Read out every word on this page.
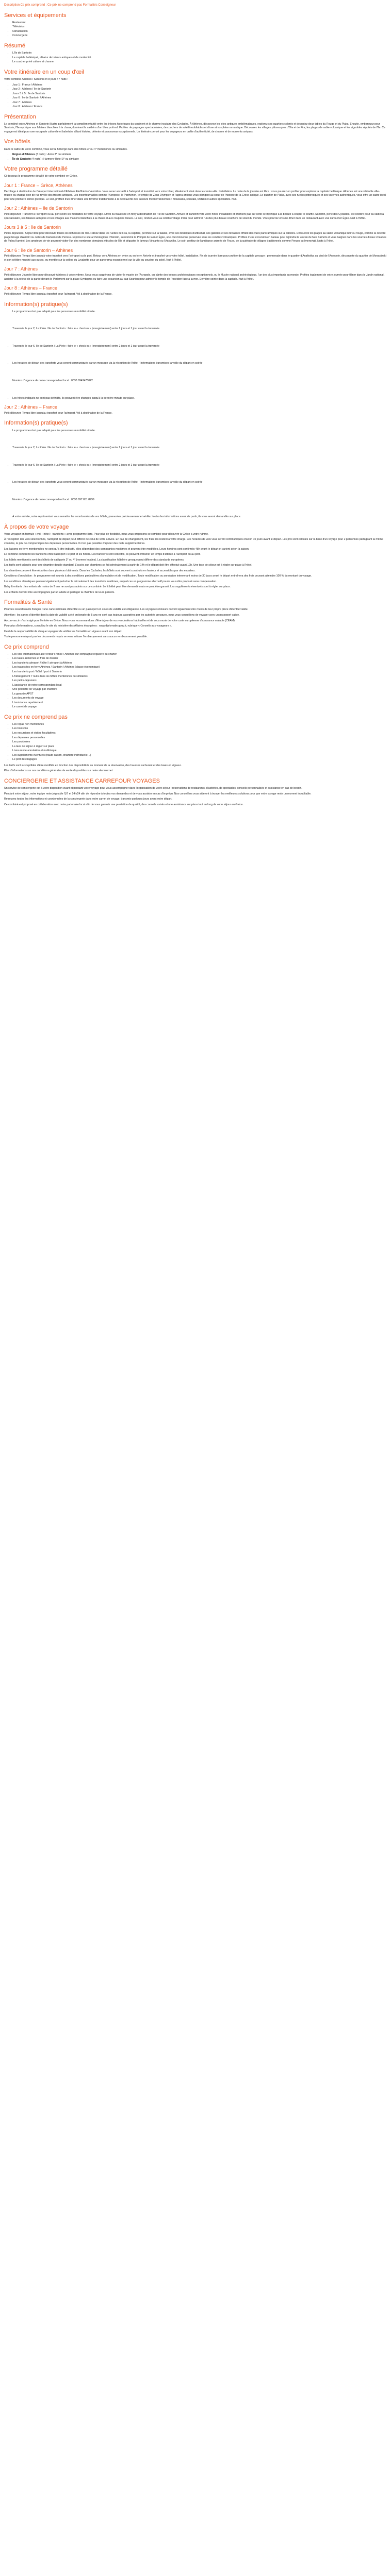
Description Ce prix comprend : Ce prix ne comprend pas Formalités Conseigneur

Services et équipements
• Restaurant
• Télévision
• Climatisation
• Conciergerie
Résumé
• L'île de Santorin
• Le capitale helléniqué, allivéur de trésors antiques et de modernité
• Le coucher privé culture et charme
Votre itinéraire en un coup d'œil

Votre combiné Athènes / Santorin en 8 jours / 7 nuits :

• Jour 1 : France / Athènes
• Jour 2 : Athènes / île de Santorin
• Jours 3 à 5 : île de Santorin
• Jour 6 : île de Santorin / Athènes
• Jour 7 : Athènes
• Jour 8 : Athènes / France
Présentation

Le combiné entre Athènes et Santorin illustre parfaitement la complémentarité entre les trésors historiques du continent et le charme insulaire des Cyclades. À Athènes, découvrez les sites antiques emblématiques, explorez ses quartiers colorés et dégustez deux tables du Rouge et du Plaka. Ensuite, embarquez pour Santorin, l'île mythique aux falaises blanchies à la chaux, dominant la caldeira d'un bleu profond. Profitez de paysages spectaculaires, de couchers de soleil inoubliables et d'une atmosphère romantique. Découvrez les villages pittoresques d'Oia et de Fira, les plages de sable volcanique et les vignobles réputés de l'île. Ce voyage est idéal pour une escapade culturelle et balnéaire alliant histoire, détente et panoramas exceptionnels. Un itinéraire pensé pour les voyageurs en quête d'authenticité, de charme et de moments uniques.

Vos hôtels

Dans le cadre de votre combiné, vous serez hébergé dans des hôtels 3* ou 4* mentionnés ou similaires.

• Région d'Athènes (3 nuits) : Arion 3* ou similaire
• Île de Santorin (4 nuits) : Harmony Hotel 3* ou similaire
Votre programme détaillé

Ci-dessous le programme détaillé de votre combiné en Grèce.

Jour 1 : France – Grèce, Athènes

Décollage à destination de l'aéroport international d'Athènes Elefthérios Venizélos. Vous serez accueilli à l'aéroport et transféré vers votre hôtel, idéalement situé dans le centre-ville. Installation. Le reste de la journée est libre : vous pourrez en profiter pour explorer la capitale hellénique. Athènes est une véritable ville-musée où chaque coin de rue révèle des trésors antiques. Les incontournables comme l'Acropole, le Parthénon, le temple de Zeus Olympien et l'agora antique vous plongent au cœur de l'histoire de la Grèce antique. Le quartier de Plaka, avec ses ruelles pittoresques et ses tavernes authentiques, vous offre un cadre idéal pour une première soirée grecque. Le soir, profitez d'un dîner dans une taverne traditionnelle à la découverte des saveurs méditerranéennes : moussaka, souvlaki, tzatziki et autres spécialités. Nuit.

Jour 2 : Athènes – île de Santorin

Petit-déjeuner. Transfert à l'aéroport ou au port selon les modalités de votre voyage. Envol ou traversée en ferry à destination de l'île de Santorin. Arrivée et transfert vers votre hôtel. Installation et premiers pas sur cette île mythique à la beauté à couper le souffle. Santorin, perle des Cyclades, est célèbre pour sa caldeira spectaculaire, ses falaises abruptes et ses villages aux maisons blanchies à la chaux et aux coupoles bleues. Le soir, rendez-vous au célèbre village d'Oia pour admirer l'un des plus beaux couchers de soleil du monde. Vous pourrez ensuite dîner dans un restaurant avec vue sur la mer Égée. Nuit à l'hôtel.

Jours 3 à 5 : île de Santorin

Petits-déjeuners. Séjour libre pour découvrir toutes les richesses de l'île. Flânez dans les ruelles de Fira, la capitale, perchée sur la falaise, avec ses boutiques d'artisanat, ses galeries et ses terrasses offrant des vues panoramiques sur la caldeira. Découvrez les plages au sable volcanique noir ou rouge, comme la célèbre plage Rouge d'Akrotiri ou celles de Kamari et de Perissa. Explorez le site archéologique d'Akrotiri, surnommé la Pompéi de la mer Égée, une cité minoenne préservée sous les cendres volcaniques. Profitez d'une excursion en bateau pour rejoindre le volcan de Néa Kaméni et vous baigner dans les sources d'eaux chaudes de Palea Kaméni. Les amateurs de vin pourront visiter l'un des nombreux domaines viticoles de l'île et déguster le fameux Vinsanto ou l'Assyrtiko. Le soir, profitez de l'ambiance animée de Fira ou de la quiétude de villages traditionnels comme Pyrgos ou Imerovigli. Nuits à l'hôtel.

Jour 6 : île de Santorin – Athènes

Petit-déjeuner. Temps libre jusqu'à votre transfert vers l'aéroport ou le port. Retour vers Athènes en avion ou en ferry. Arrivée et transfert vers votre hôtel. Installation. Fin de journée libre pour profiter de la capitale grecque : promenade dans le quartier d'Anafiotika au pied de l'Acropole, découverte du quartier de Monastiraki et son célèbre marché aux puces, ou montée sur la colline du Lycabette pour un panorama exceptionnel sur la ville au coucher du soleil. Nuit à l'hôtel.

Jour 7 : Athènes

Petit-déjeuner. Journée libre pour découvrir Athènes à votre rythme. Nous vous suggérons de visiter le musée de l'Acropole, qui abrite des trésors archéologiques exceptionnels, ou le Musée national archéologique, l'un des plus importants au monde. Profitez également de votre journée pour flâner dans le Jardin national, assister à la relève de la garde devant le Parlement sur la place Syntagma ou faire une excursion au cap Sounion pour admirer le temple de Poséidon face à la mer. Dernière soirée dans la capitale. Nuit à l'hôtel.

Jour 8 : Athènes – France

Petit-déjeuner. Temps libre jusqu'au transfert pour l'aéroport. Vol à destination de la France.

Information(s) pratique(s)
• Le programme n'est pas adapté pour les personnes à mobilité réduite.
• Traversée le jour 2, La Pirée / île de Santorin : faire le « check-in » (enregistrement) entre 2 jours et 1 jour avant la traversée
• Traversée le jour 6, île de Santorin / La Pirée : faire le « check-in » (enregistrement) entre 2 jours et 1 jour avant la traversée
• Les horaires de départ des transferts vous seront communiqués par un message via la réception de l'hôtel - Informations transmises la veille du départ en soirée
• Numéro d'urgence de notre correspondant local : 0030 6943470022
• Les hôtels indiqués ne sont pas définitifs, ils peuvent être changés jusqu'à la dernière minute sur place.
Jour 2 : Athènes – France

Petit-déjeuner. Temps libre jusqu'au transfert pour l'aéroport. Vol à destination de la France.

Information(s) pratique(s)
• Le programme n'est pas adapté pour les personnes à mobilité réduite.
• Traversée le jour 2, La Pirée / île de Santorin : faire le « check-in » (enregistrement) entre 2 jours et 1 jour avant la traversée
• Traversée le jour 6, île de Santorin / La Pirée : faire le « check-in » (enregistrement) entre 2 jours et 1 jour avant la traversée
• Les horaires de départ des transferts vous seront communiqués par un message via la réception de l'hôtel - Informations transmises la veille du départ en soirée
• Numéro d'urgence de notre correspondant local : 0030 697 651 8799
• À votre arrivée, notre représentant vous remettra les coordonnées de vos hôtels, prenez-les précieusement et vérifiez toutes les informations avant de partir, ils vous seront demandés sur place.
À propos de votre voyage

Vous voyagez en formule « vol + hôtel + transferts » avec programme libre. Pour plus de flexibilité, nous vous proposons ce combiné pour découvrir la Grèce à votre rythme.

À l'exception des vols sélectionnés, l'aéroport de départ peut différer de celui de votre arrivée. En cas de changement, les frais liés restent à votre charge. Les horaires de vols vous seront communiqués environ 10 jours avant le départ. Les prix sont calculés sur la base d'un voyage pour 2 personnes partageant la même chambre, le prix ne comprend pas les dépenses personnelles. Il n'est pas possible d'ajouter des nuits supplémentaires.

Les liaisons en ferry mentionnées ne sont qu'à titre indicatif, elles dépendent des compagnies maritimes et peuvent être modifiées. Leurs horaires sont confirmés 48h avant le départ et varient selon la saison.

Le combiné comprend les transferts entre l'aéroport / le port et les hôtels. Les transferts sont collectifs, ils peuvent entraîner un temps d'attente à l'aéroport ou au port.

Les hôtels mentionnés sont des hôtels de catégorie 3* ou 4* (normes locales). La classification hôtelière grecque peut différer des standards européens.

Les tarifs sont calculés pour une chambre double standard. L'accès aux chambres se fait généralement à partir de 14h et le départ doit être effectué avant 12h. Une taxe de séjour est à régler sur place à l'hôtel.

Les chambres peuvent être réparties dans plusieurs bâtiments. Dans les Cyclades, les hôtels sont souvent construits en hauteur et accessibles par des escaliers.

Conditions d'annulation : le programme est soumis à des conditions particulières d'annulation et de modification. Toute modification ou annulation intervenant moins de 30 jours avant le départ entraînera des frais pouvant atteindre 100 % du montant du voyage.

Les conditions climatiques peuvent également perturber le déroulement des transferts maritimes, auquel cas un programme alternatif pourra vous être proposé sans compensation.

Baby & enfants : les enfants de moins de 2 ans ne sont pas admis sur ce combiné. Le lit bébé peut être demandé mais ne peut être garanti. Les suppléments éventuels sont à régler sur place.

Les enfants doivent être accompagnés par un adulte et partager la chambre de leurs parents.

Formalités & Santé

Pour les ressortissants français : une carte nationale d'identité ou un passeport en cours de validité est obligatoire. Les voyageurs mineurs doivent également être munis de leur propre pièce d'identité valide.

Attention : les cartes d'identité dont la date de validité a été prolongée de 5 ans ne sont pas toujours acceptées par les autorités grecques, nous vous conseillons de voyager avec un passeport valide.

Aucun vaccin n'est exigé pour l'entrée en Grèce. Nous vous recommandons d'être à jour de vos vaccinations habituelles et de vous munir de votre carte européenne d'assurance maladie (CEAM).

Pour plus d'informations, consultez le site du ministère des Affaires étrangères : www.diplomatie.gouv.fr, rubrique « Conseils aux voyageurs ».

Il est de la responsabilité de chaque voyageur de vérifier les formalités en vigueur avant son départ.

Toute personne n'ayant pas les documents requis se verra refuser l'embarquement sans aucun remboursement possible.

Ce prix comprend
• Les vols internationaux aller-retour France / Athènes sur compagnie régulière ou charter
• Les taxes aériennes et frais de dossier
• Les transferts aéroport / hôtel / aéroport à Athènes
• Les traversées en ferry Athènes / Santorin / Athènes (classe économique)
• Les transferts port / hôtel / port à Santorin
• L'hébergement 7 nuits dans les hôtels mentionnés ou similaires
• Les petits-déjeuners
• L'assistance de notre correspondant local
• Une pochette de voyage par chambre
• La garantie APST
• Les documents de voyage
• L'assistance rapatriement
• Le carnet de voyage
Ce prix ne comprend pas
• Les repas non mentionnés
• Les boissons
• Les excursions et visites facultatives
• Les dépenses personnelles
• Les pourboires
• La taxe de séjour à régler sur place
• L'assurance annulation et multirisque
• Les suppléments éventuels (haute saison, chambre individuelle…)
• Le port des bagages

Les tarifs sont susceptibles d'être modifiés en fonction des disponibilités au moment de la réservation, des hausses carburant et des taxes en vigueur.

Plus d'informations sur nos conditions générales de vente disponibles sur notre site internet.

CONCIERGERIE ET ASSISTANCE CARREFOUR VOYAGES

Un service de conciergerie est à votre disposition avant et pendant votre voyage pour vous accompagner dans l'organisation de votre séjour : réservations de restaurants, d'activités, de spectacles, conseils personnalisés et assistance en cas de besoin.

Pendant votre séjour, notre équipe reste joignable 7j/7 et 24h/24 afin de répondre à toutes vos demandes et de vous assister en cas d'imprévu. Nos conseillers vous aideront à trouver les meilleures solutions pour que votre voyage reste un moment inoubliable.

Retrouvez toutes les informations et coordonnées de la conciergerie dans votre carnet de voyage, transmis quelques jours avant votre départ.

Ce combiné est proposé en collaboration avec notre partenaire local afin de vous garantir une prestation de qualité, des conseils avisés et une assistance sur place tout au long de votre séjour en Grèce.
